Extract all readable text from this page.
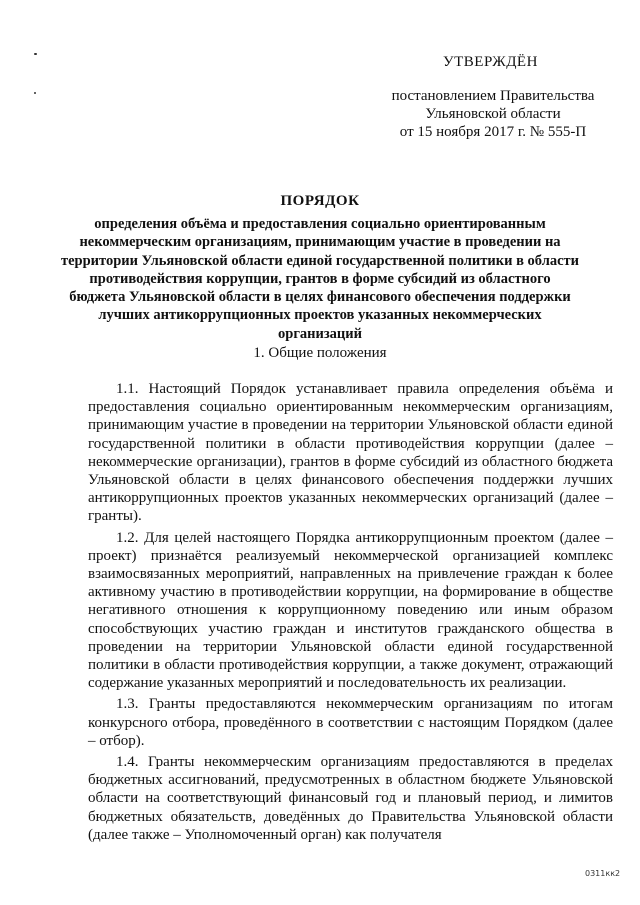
УТВЕРЖДЁН
постановлением Правительства
Ульяновской области
от 15 ноября 2017 г. № 555-П
ПОРЯДОК
определения объёма и предоставления социально ориентированным некоммерческим организациям, принимающим участие в проведении на территории Ульяновской области единой государственной политики в области противодействия коррупции, грантов в форме субсидий из областного бюджета Ульяновской области в целях финансового обеспечения поддержки лучших антикоррупционных проектов указанных некоммерческих организаций
1. Общие положения

1.1. Настоящий Порядок устанавливает правила определения объёма и предоставления социально ориентированным некоммерческим организациям, принимающим участие в проведении на территории Ульяновской области единой государственной политики в области противодействия коррупции (далее – некоммерческие организации), грантов в форме субсидий из областного бюджета Ульяновской области в целях финансового обеспечения поддержки лучших антикоррупционных проектов указанных некоммерческих организаций (далее – гранты).

1.2. Для целей настоящего Порядка антикоррупционным проектом (далее – проект) признаётся реализуемый некоммерческой организацией комплекс взаимосвязанных мероприятий, направленных на привлечение граждан к более активному участию в противодействии коррупции, на формирование в обществе негативного отношения к коррупционному поведению или иным образом способствующих участию граждан и институтов гражданского общества в проведении на территории Ульяновской области единой государственной политики в области противодействия коррупции, а также документ, отражающий содержание указанных мероприятий и последовательность их реализации.

1.3. Гранты предоставляются некоммерческим организациям по итогам конкурсного отбора, проведённого в соответствии с настоящим Порядком (далее – отбор).

1.4. Гранты некоммерческим организациям предоставляются в пределах бюджетных ассигнований, предусмотренных в областном бюджете Ульяновской области на соответствующий финансовый год и плановый период, и лимитов бюджетных обязательств, доведённых до Правительства Ульяновской области (далее также – Уполномоченный орган) как получателя

0311кк2
